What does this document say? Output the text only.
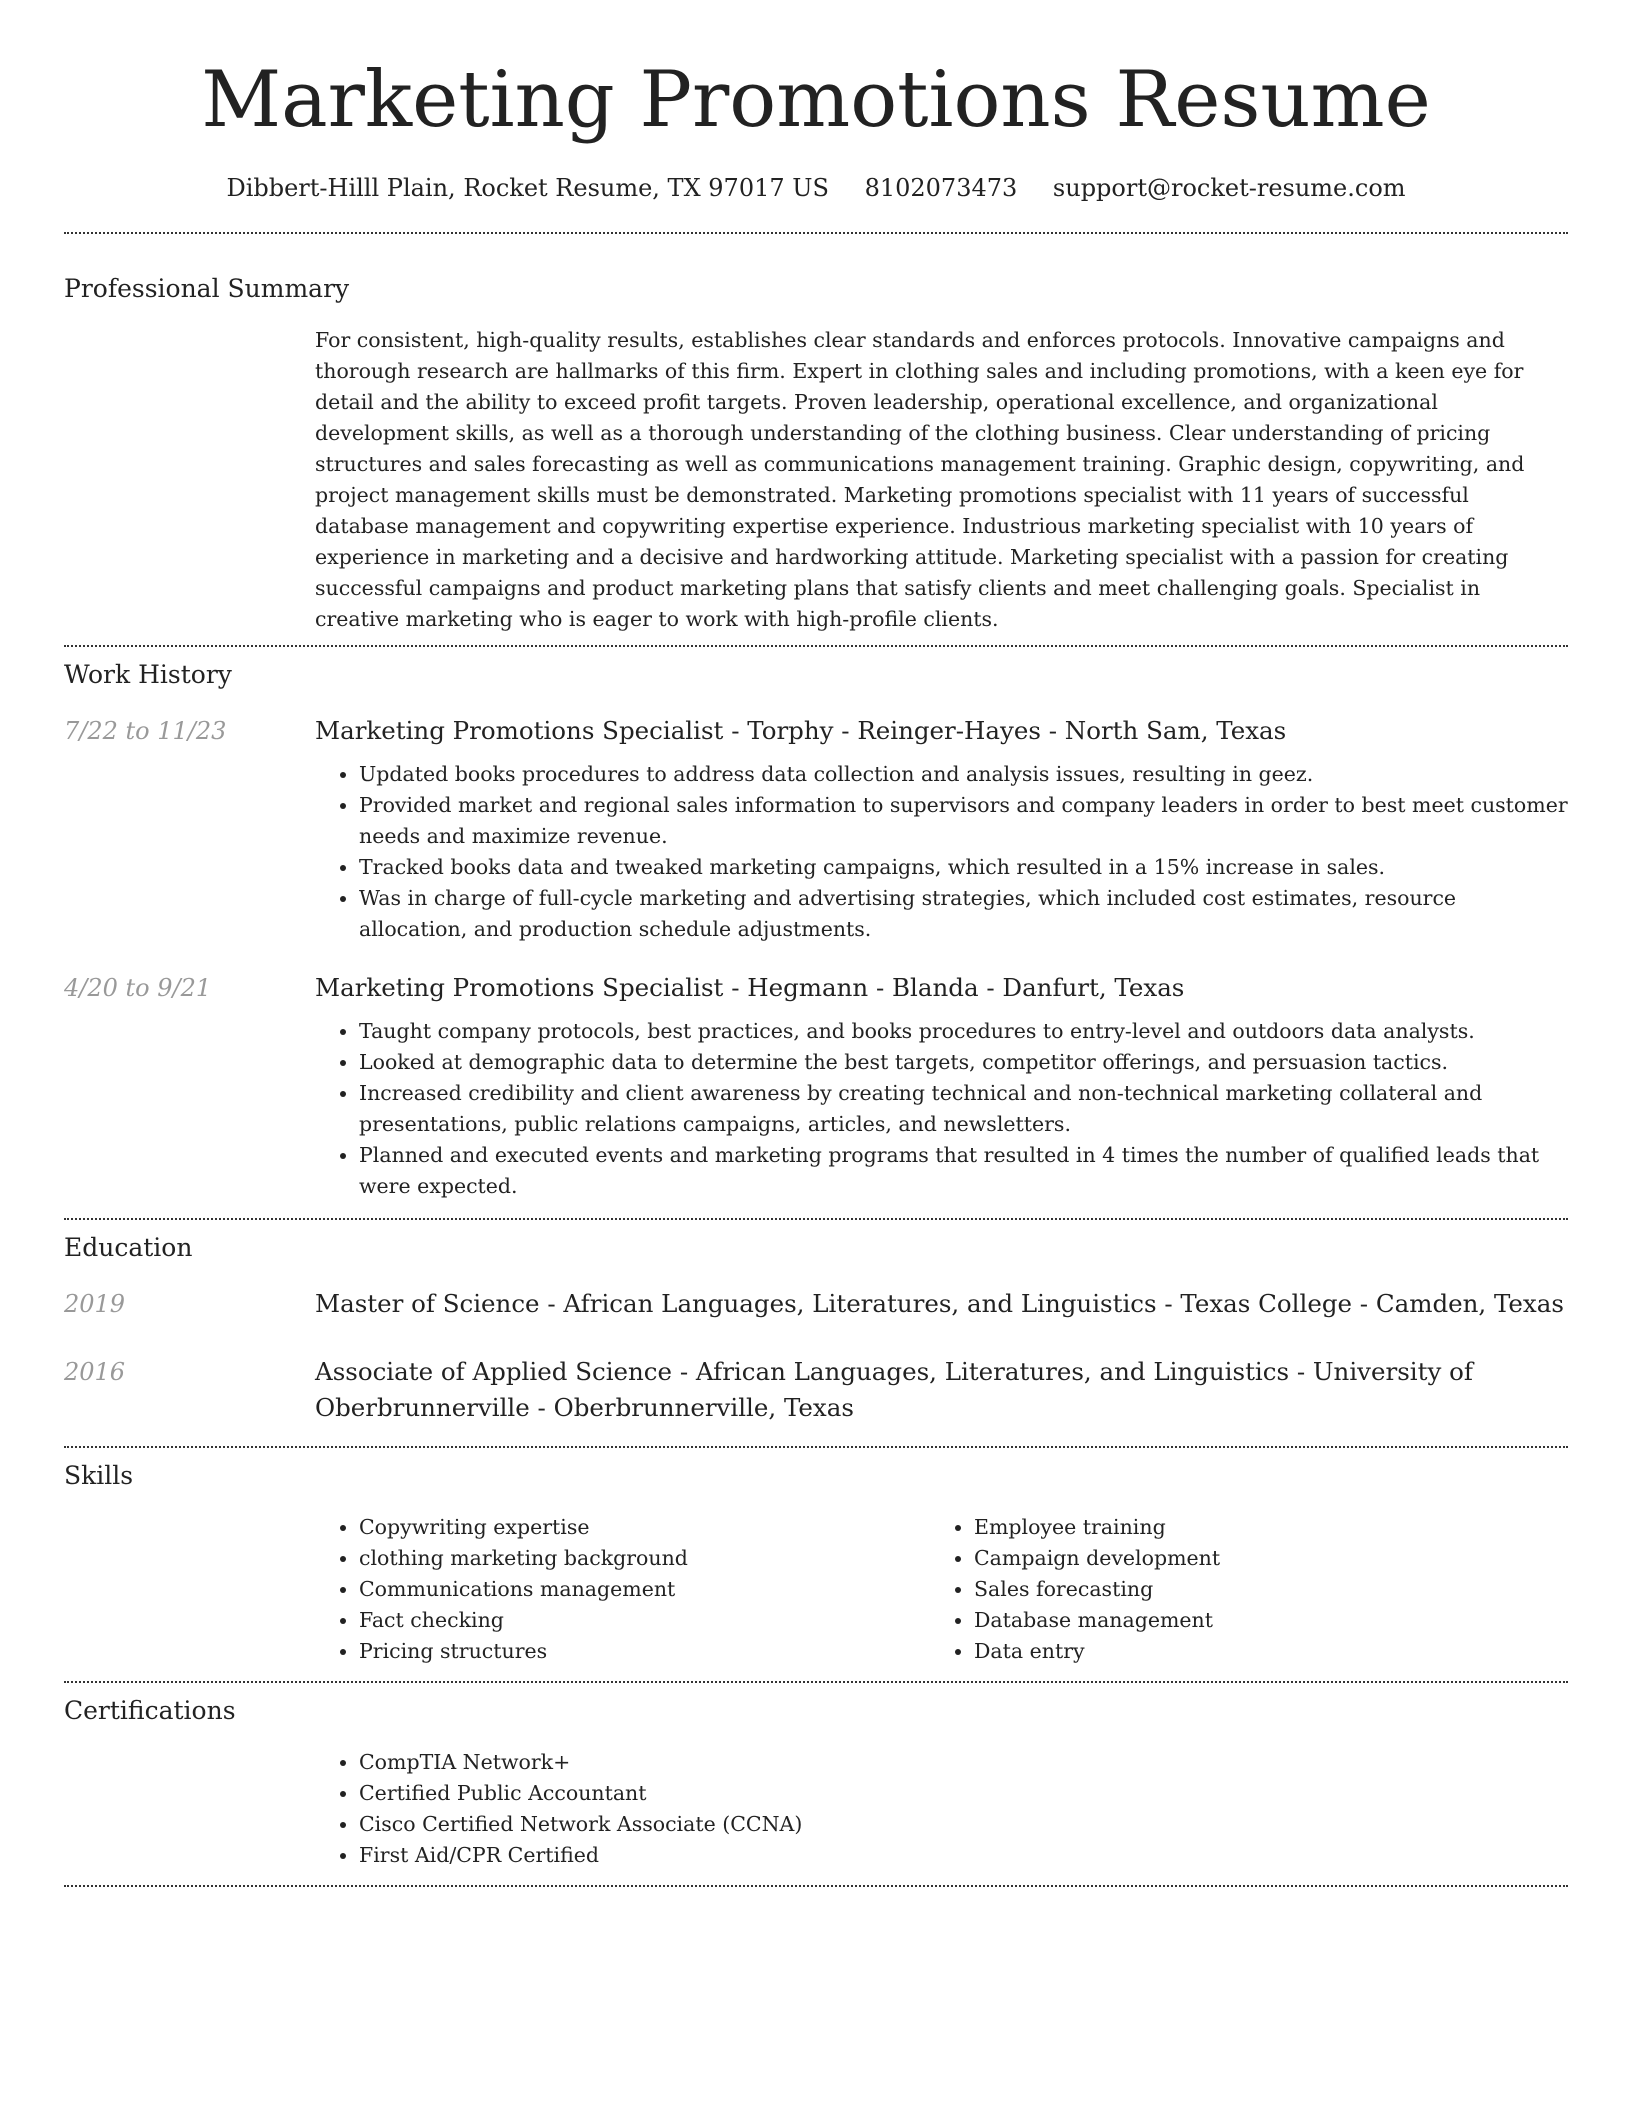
Marketing Promotions Resume
Dibbert-Hilll Plain, Rocket Resume, TX 97017 US 8102073473 support@rocket-resume.com
Professional Summary

For consistent, high-quality results, establishes clear standards and enforces protocols. Innovative campaigns and thorough research are hallmarks of this firm. Expert in clothing sales and including promotions, with a keen eye for detail and the ability to exceed profit targets. Proven leadership, operational excellence, and organizational development skills, as well as a thorough understanding of the clothing business. Clear understanding of pricing structures and sales forecasting as well as communications management training. Graphic design, copywriting, and project management skills must be demonstrated. Marketing promotions specialist with 11 years of successful database management and copywriting expertise experience. Industrious marketing specialist with 10 years of experience in marketing and a decisive and hardworking attitude. Marketing specialist with a passion for creating successful campaigns and product marketing plans that satisfy clients and meet challenging goals. Specialist in creative marketing who is eager to work with high-profile clients.

Work History
7/22 to 11/23	Marketing Promotions Specialist - Torphy - Reinger-Hayes - North Sam, Texas
• Updated books procedures to address data collection and analysis issues, resulting in geez.
• Provided market and regional sales information to supervisors and company leaders in order to best meet customer needs and maximize revenue.
• Tracked books data and tweaked marketing campaigns, which resulted in a 15% increase in sales.
• Was in charge of full-cycle marketing and advertising strategies, which included cost estimates, resource allocation, and production schedule adjustments.
4/20 to 9/21	Marketing Promotions Specialist - Hegmann - Blanda - Danfurt, Texas
• Taught company protocols, best practices, and books procedures to entry-level and outdoors data analysts.
• Looked at demographic data to determine the best targets, competitor offerings, and persuasion tactics.
• Increased credibility and client awareness by creating technical and non-technical marketing collateral and presentations, public relations campaigns, articles, and newsletters.
• Planned and executed events and marketing programs that resulted in 4 times the number of qualified leads that were expected.
Education
2019	Master of Science - African Languages, Literatures, and Linguistics - Texas College - Camden, Texas
2016	Associate of Applied Science - African Languages, Literatures, and Linguistics - University of Oberbrunnerville - Oberbrunnerville, Texas
Skills
• Copywriting expertise
• clothing marketing background
• Communications management
• Fact checking
• Pricing structures
• Employee training
• Campaign development
• Sales forecasting
• Database management
• Data entry
Certifications
• CompTIA Network+
• Certified Public Accountant
• Cisco Certified Network Associate (CCNA)
• First Aid/CPR Certified
